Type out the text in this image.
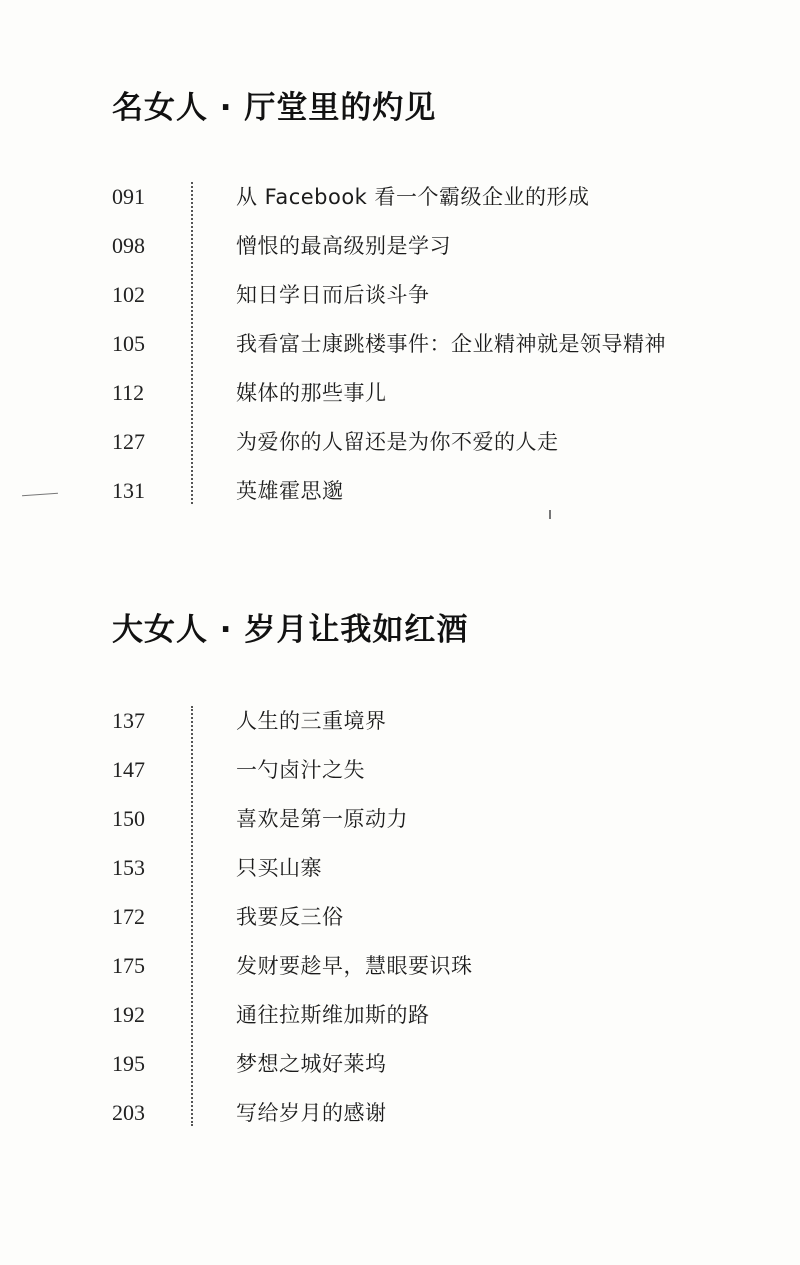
名女人 · 厅堂里的灼见
091	从 Facebook 看一个霸级企业的形成
098	憎恨的最高级别是学习
102	知日学日而后谈斗争
105	我看富士康跳楼事件：企业精神就是领导精神
112	媒体的那些事儿
127	为爱你的人留还是为你不爱的人走
131	英雄霍思邈
大女人 · 岁月让我如红酒
137	人生的三重境界
147	一勺卤汁之失
150	喜欢是第一原动力
153	只买山寨
172	我要反三俗
175	发财要趁早，慧眼要识珠
192	通往拉斯维加斯的路
195	梦想之城好莱坞
203	写给岁月的感谢
